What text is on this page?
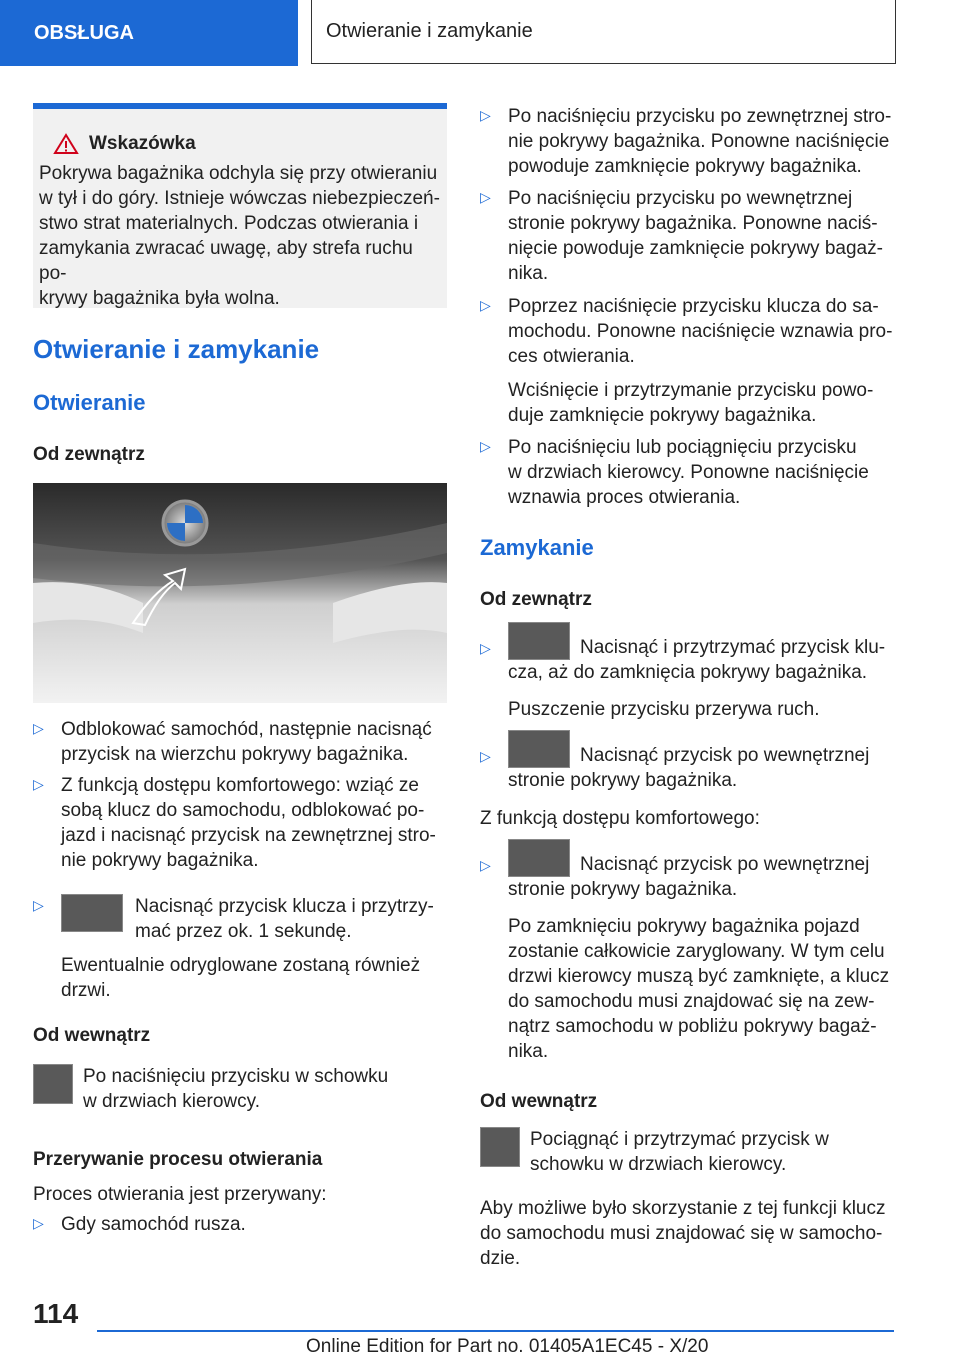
OBSŁUGA	Otwieranie i zamykanie
Wskazówka

Pokrywa bagażnika odchyla się przy otwieraniu

w tył i do góry. Istnieje wówczas niebezpieczeń-

stwo strat materialnych. Podczas otwierania i

zamykania zwracać uwagę, aby strefa ruchu po-

krywy bagażnika była wolna.

Otwieranie i zamykanie
Otwieranie
Od zewnątrz
▷ Odblokować samochód, następnie nacisnąć
przycisk na wierzchu pokrywy bagażnika.
▷ Z funkcją dostępu komfortowego: wziąć ze
sobą klucz do samochodu, odblokować po-
jazd i nacisnąć przycisk na zewnętrznej stro-
nie pokrywy bagażnika.
▷	Nacisnąć przycisk klucza i przytrzy-
mać przez ok. 1 sekundę.
Ewentualnie odryglowane zostaną również
drzwi.
Od wewnątrz
Po naciśnięciu przycisku w schowku
w drzwiach kierowcy.
Przerywanie procesu otwierania
Proces otwierania jest przerywany:
▷ Gdy samochód rusza.
▷ Po naciśnięciu przycisku po zewnętrznej stro-
nie pokrywy bagażnika. Ponowne naciśnięcie
powoduje zamknięcie pokrywy bagażnika.
▷ Po naciśnięciu przycisku po wewnętrznej
stronie pokrywy bagażnika. Ponowne naciś-
nięcie powoduje zamknięcie pokrywy bagaż-
nika.
▷ Poprzez naciśnięcie przycisku klucza do sa-
mochodu. Ponowne naciśnięcie wznawia pro-
ces otwierania.
Wciśnięcie i przytrzymanie przycisku powo-
duje zamknięcie pokrywy bagażnika.
▷ Po naciśnięciu lub pociągnięciu przycisku
w drzwiach kierowcy. Ponowne naciśnięcie
wznawia proces otwierania.
Zamykanie
Od zewnątrz
▷	Nacisnąć i przytrzymać przycisk klu-
cza, aż do zamknięcia pokrywy bagażnika.
Puszczenie przycisku przerywa ruch.
▷	Nacisnąć przycisk po wewnętrznej
stronie pokrywy bagażnika.
Z funkcją dostępu komfortowego:
▷	Nacisnąć przycisk po wewnętrznej
stronie pokrywy bagażnika.
Po zamknięciu pokrywy bagażnika pojazd
zostanie całkowicie zaryglowany. W tym celu
drzwi kierowcy muszą być zamknięte, a klucz
do samochodu musi znajdować się na zew-
nątrz samochodu w pobliżu pokrywy bagaż-
nika.
Od wewnątrz
Pociągnąć i przytrzymać przycisk w
schowku w drzwiach kierowcy.
Aby możliwe było skorzystanie z tej funkcji klucz
do samochodu musi znajdować się w samocho-
dzie.
114
Online Edition for Part no. 01405A1EC45 - X/20
